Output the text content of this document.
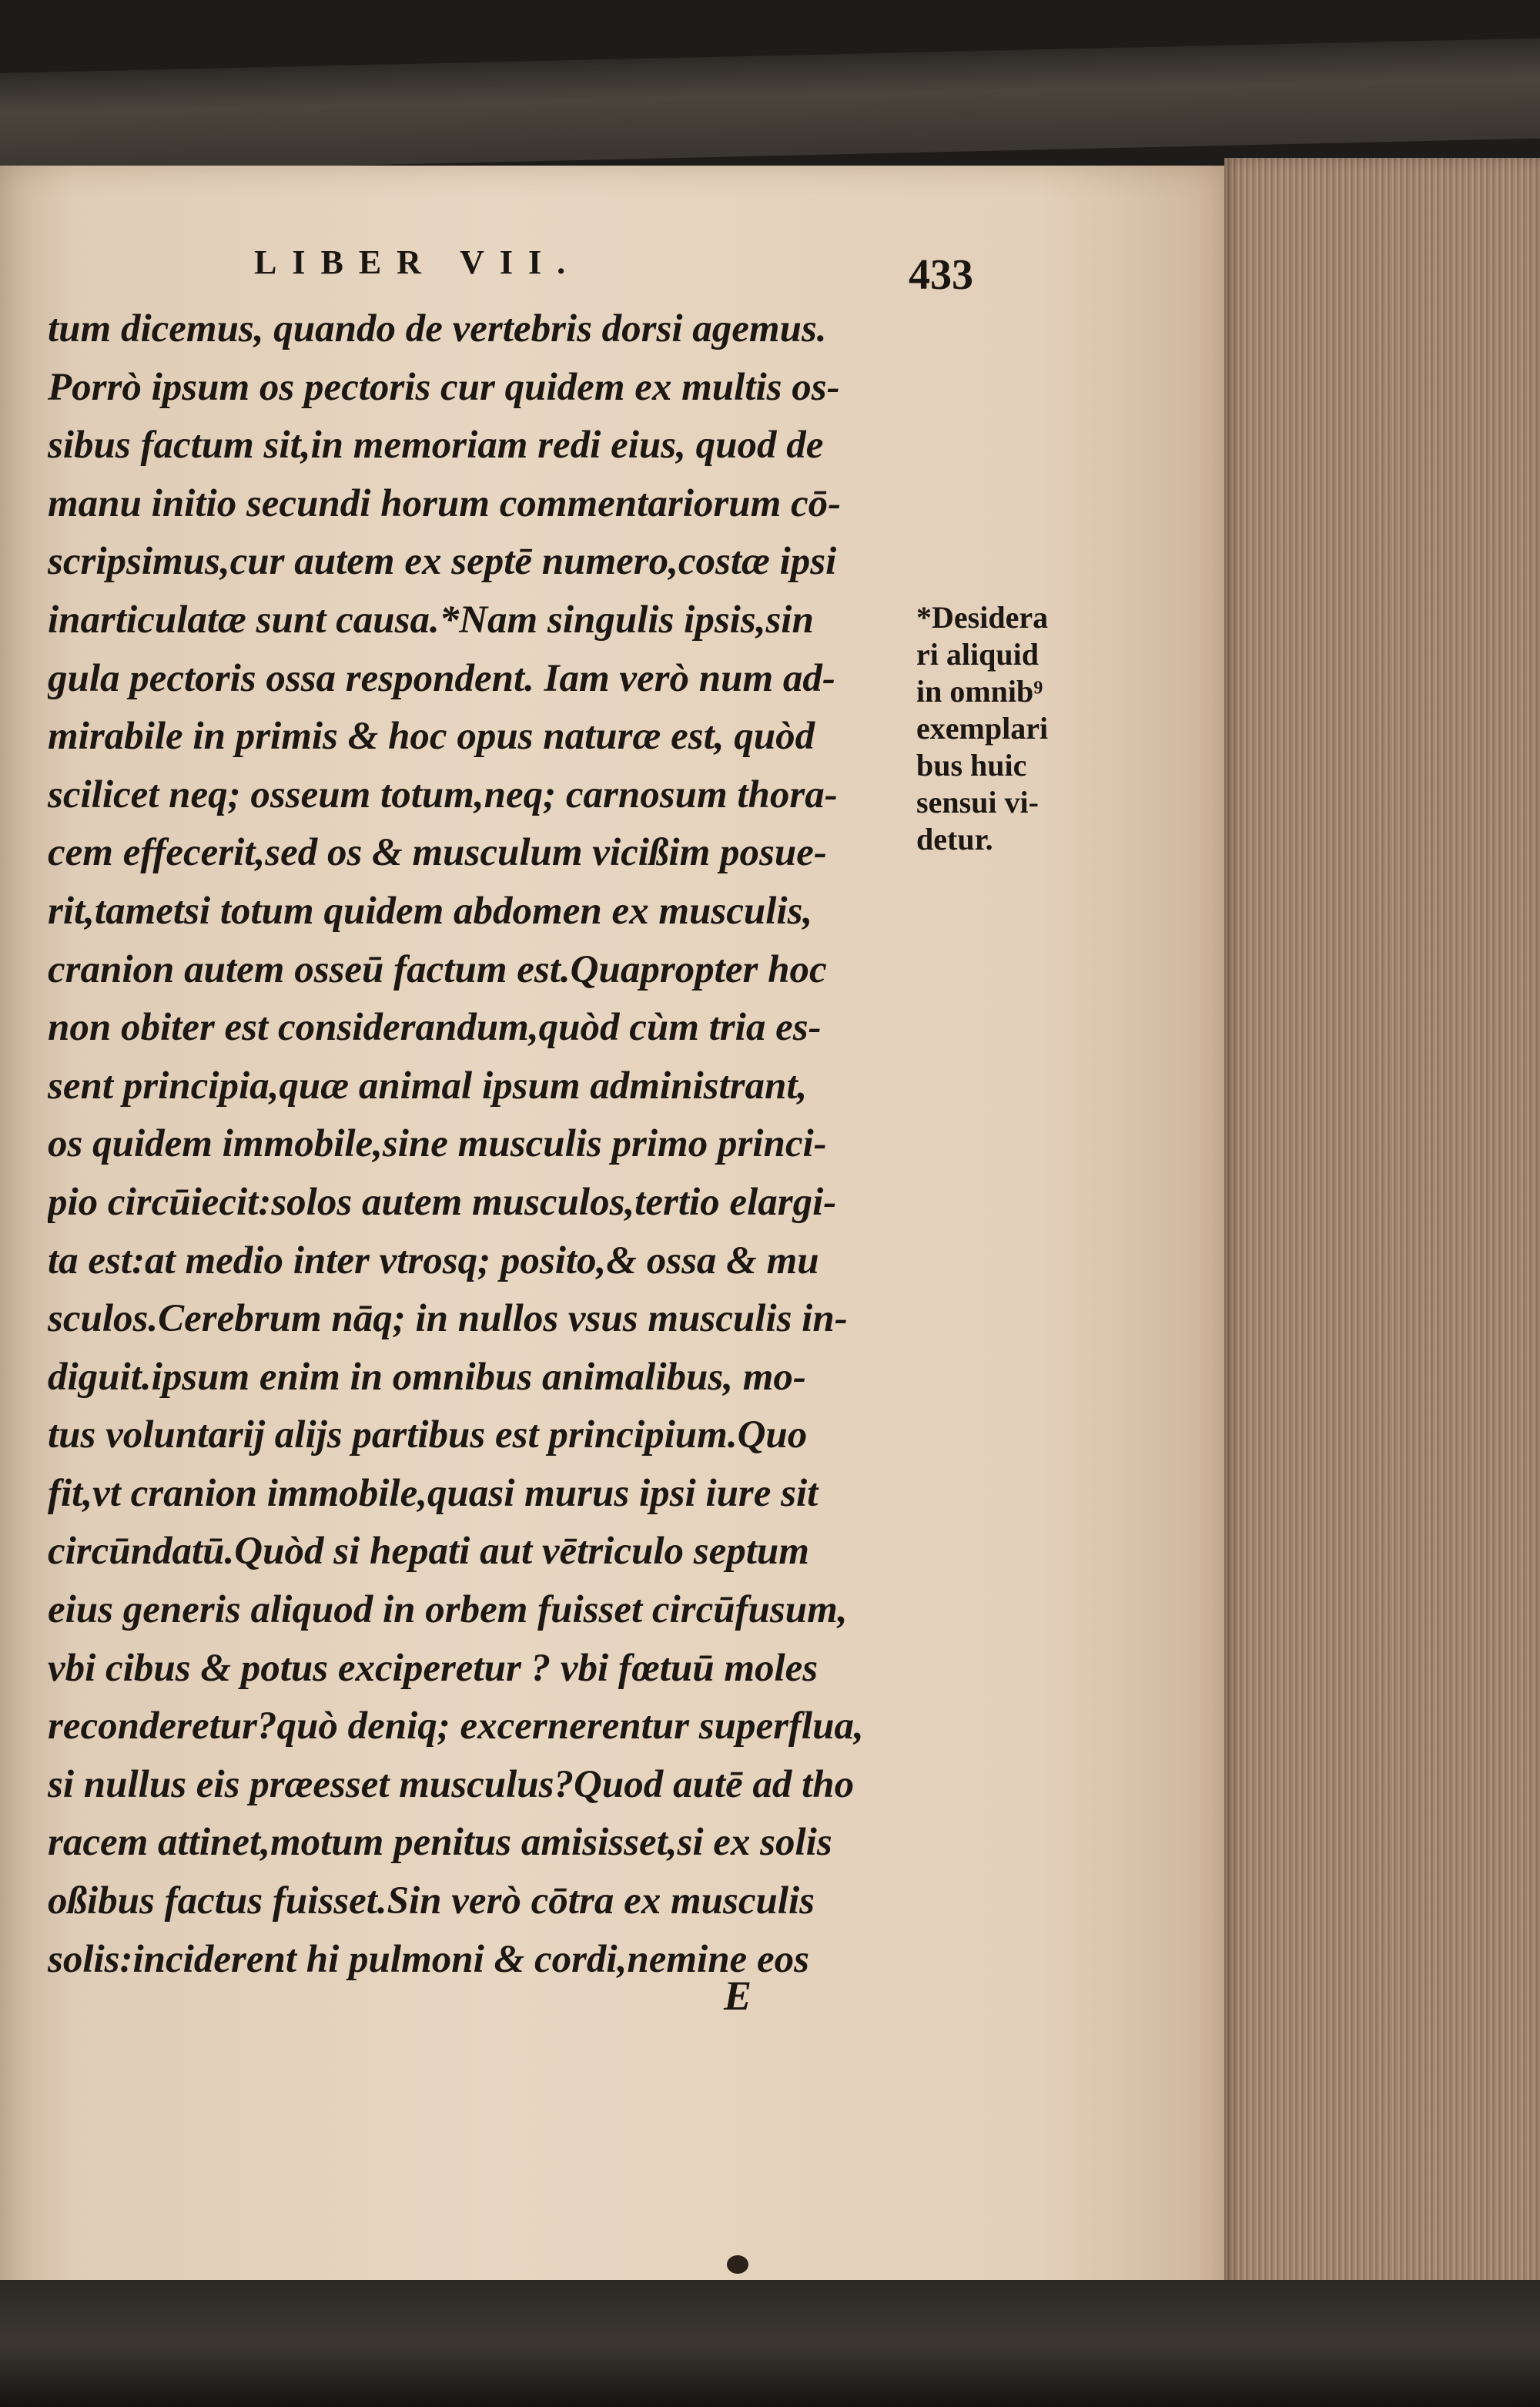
LIBER VII.	433
tum dicemus, quando de vertebris dorsi agemus.
Porrò ipsum os pectoris cur quidem ex multis os-
sibus factum sit,in memoriam redi eius, quod de
manu initio secundi horum commentariorum cō-
scripsimus,cur autem ex septē numero,costæ ipsi
inarticulatæ sunt causa.*Nam singulis ipsis,sin
gula pectoris ossa respondent. Iam verò num ad-
mirabile in primis & hoc opus naturæ est, quòd
scilicet neq; osseum totum,neq; carnosum thora-
cem effecerit,sed os & musculum vicißim posue-
rit,tametsi totum quidem abdomen ex musculis,
cranion autem osseū factum est.Quapropter hoc
non obiter est considerandum,quòd cùm tria es-
sent principia,quæ animal ipsum administrant,
os quidem immobile,sine musculis primo princi-
pio circūiecit:solos autem musculos,tertio elargi-
ta est:at medio inter vtrosq; posito,& ossa & mu
sculos.Cerebrum nāq; in nullos vsus musculis in-
diguit.ipsum enim in omnibus animalibus, mo-
tus voluntarij alijs partibus est principium.Quo
fit,vt cranion immobile,quasi murus ipsi iure sit
circūndatū.Quòd si hepati aut vētriculo septum
eius generis aliquod in orbem fuisset circūfusum,
vbi cibus & potus exciperetur ? vbi fœtuū moles
reconderetur?quò deniq; excernerentur superflua,
si nullus eis præesset musculus?Quod autē ad tho
racem attinet,motum penitus amisisset,si ex solis
oßibus factus fuisset.Sin verò cōtra ex musculis
solis:inciderent hi pulmoni & cordi,nemine eos
*Desidera
ri aliquid
in omnib⁹
exemplari
bus huic
sensui vi-
detur.
E
